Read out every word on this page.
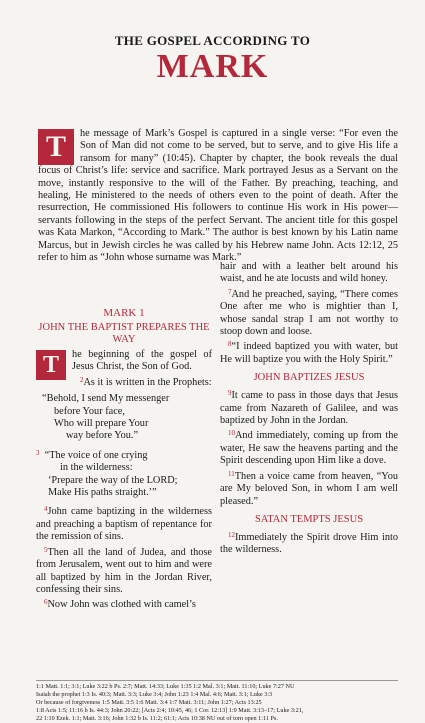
THE GOSPEL ACCORDING TO
MARK
T	he message of Mark’s Gospel is captured in a single verse: “For even the Son of Man did not come to be served, but to serve, and to give His life a ransom for many” (10:45). Chapter by chapter, the book reveals the dual focus of Christ’s life: service and sacrifice. Mark portrayed Jesus as a Servant on the move, instantly responsive to the will of the Father. By preaching, teaching, and healing, He ministered to the needs of others even to the point of death. After the resurrection, He commissioned His followers to continue His work in His power—servants following in the steps of the perfect Servant. The ancient title for this gospel was Kata Markon, “According to Mark.” The author is best known by his Latin name Marcus, but in Jewish circles he was called by his Hebrew name John. Acts 12:12, 25 refer to him as “John whose surname was Mark.”
MARK 1
JOHN THE BAPTIST PREPARES THE WAY

T	he beginning of the gospel of Jesus Christ, the Son of God.

$^2$As it is written in the Prophets:

“Behold, I send My messenger
before Your face,
Who will prepare Your
way before You.”
$^3$ “The voice of one crying
in the wilderness:
‘Prepare the way of the LORD;
Make His paths straight.’”

$^4$John came baptizing in the wilderness and preaching a baptism of repentance for the remission of sins.

$^5$Then all the land of Judea, and those from Jerusalem, went out to him and were all baptized by him in the Jordan River, confessing their sins.

$^6$Now John was clothed with camel’s

hair and with a leather belt around his waist, and he ate locusts and wild honey.

$^7$And he preached, saying, “There comes One after me who is mightier than I, whose sandal strap I am not worthy to stoop down and loose.

$^8$“I indeed baptized you with water, but He will baptize you with the Holy Spirit.”

JOHN BAPTIZES JESUS

$^9$It came to pass in those days that Jesus came from Nazareth of Galilee, and was baptized by John in the Jordan.

$^{10}$And immediately, coming up from the water, He saw the heavens parting and the Spirit descending upon Him like a dove.

$^{11}$Then a voice came from heaven, “You are My beloved Son, in whom I am well pleased.”

SATAN TEMPTS JESUS

$^{12}$Immediately the Spirit drove Him into the wilderness.

1:1 Matt. 1:1; 3:1; Luke 3:22 b Ps. 2:7; Matt. 14:33; Luke 1:35 1:2 Mal. 3:1; Matt. 11:10; Luke 7:27 NU
Isaiah the prophet 1:3 Is. 40:3; Matt. 3:3; Luke 3:4; John 1:23 1:4 Mal. 4:6; Matt. 3:1; Luke 3:3
Or because of forgiveness 1:5 Matt. 3:5 1:6 Matt. 3:4 1:7 Matt. 3:11; John 1:27; Acts 13:25
1:8 Acts 1:5; 11:16 b Is. 44:3; John 20:22; [Acts 2:4; 10:45, 46; 1 Cor. 12:13] 1:9 Matt. 3:13–17; Luke 3:21,
22 1:10 Ezek. 1:1; Matt. 3:16; John 1:32 b Is. 11:2; 61:1; Acts 10:38 NU out of torn open 1:11 Ps.
